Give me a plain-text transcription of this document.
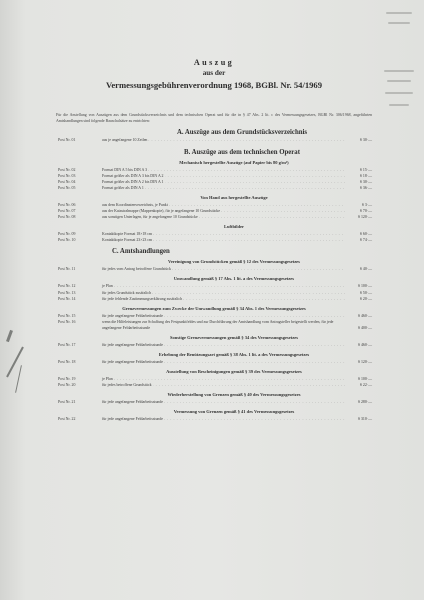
Auszug

aus der

Vermessungsgebührenverordnung 1968, BGBl. Nr. 54/1969

Für die Anstellung von Auszügen aus dem Grundstücksverzeichnis und dem technischen Operat und für die in § 47 Abs. 2 lit. c des Vermessungsgesetzes, BGBl Nr. 306/1968, angeführten Amtshandlungen sind folgende Bauschalsätze zu entrichten:
A. Auszüge aus dem Grundstücksverzeichnis
Post Nr. 01	aus je angefangene 10 Zeilen . . .	S 30·—
B. Auszüge aus dem technischen Operat
Mechanisch hergestellte Auszüge (auf Papier bis 80 g/m²)
Post Nr. 02	Format DIN A 5 bis DIN A 3 . . .	S 15·—
Post Nr. 03	Format größer als DIN A 3 bis DIN A 2 . . .	S 18·—
Post Nr. 04	Format größer als DIN A 2 bis DIN A 1 . . .	S 30·—
Post Nr. 05	Format größer als DIN A 1 . . .	S 36·—
Von Hand aus hergestellte Auszüge
Post Nr. 06	aus dem Koordinatenverzeichnis, je Punkt . . .	S 3·—
Post Nr. 07	aus der Katastralmappe (Mappenkopie), für je angefangene 10 Grundstücke . . .	S 70·—
Post Nr. 08	aus sonstigen Unterlagen, für je angefangene 10 Grundstücke . . .	S 120·—
Luftbilder
Post Nr. 09	Kontaktkopie Format 18×18 cm . . .	S 60·—
Post Nr. 10	Kontaktkopie Format 23×23 cm . . .	S 74·—
C. Amtshandlungen
Vereinigung von Grundstücken gemäß § 12 des Vermessungsgesetzes
Post Nr. 11	für jedes vom Antrag betroffene Grundstück . . .	S 40·—
Umwandlung gemäß § 17 Abs. 1 lit. a des Vermessungsgesetzes
Post Nr. 12	je Plan . . .	S 100·—
Post Nr. 13	für jedes Grundstück zusätzlich . . .	S 50·—
Post Nr. 14	für jede fehlende Zustimmungserklärung zusätzlich . . .	S 20·—
Grenzvermessungen zum Zwecke der Umwandlung gemäß § 34 Abs. 1 des Vermessungsgesetzes
Post Nr. 15	für jede angefangene Feldarbeitsstunde . . .	S 460·—
Post Nr. 16	wenn die Hilfeleistungen zur Schaffung des Festpunktfeldes und zur Durchführung der Amtshandlung vom Antragsteller beigestellt werden, für jede angefangene Feldarbeitsstunde	S 400·—
Sonstige Grenzvermessungen gemäß § 34 des Vermessungsgesetzes
Post Nr. 17	für jede angefangene Feldarbeitsstunde . . .	S 460·—
Erhebung der Benützungsart gemäß § 38 Abs. 1 lit. a des Vermessungsgesetzes
Post Nr. 18	für jede angefangene Feldarbeitsstunde . . .	S 120·—
Ausstellung von Bescheinigungen gemäß § 39 des Vermessungsgesetzes
Post Nr. 19	je Plan . . .	S 100·—
Post Nr. 20	für jedes betroffene Grundstück . . .	S 22·—
Wiederherstellung von Grenzen gemäß § 40 des Vermessungsgesetzes
Post Nr. 21	für jede angefangene Feldarbeitsstunde . . .	S 280·—
Vermessung von Grenzen gemäß § 41 des Vermessungsgesetzes
Post Nr. 22	für jede angefangene Feldarbeitsstunde . . .	S 310·—
